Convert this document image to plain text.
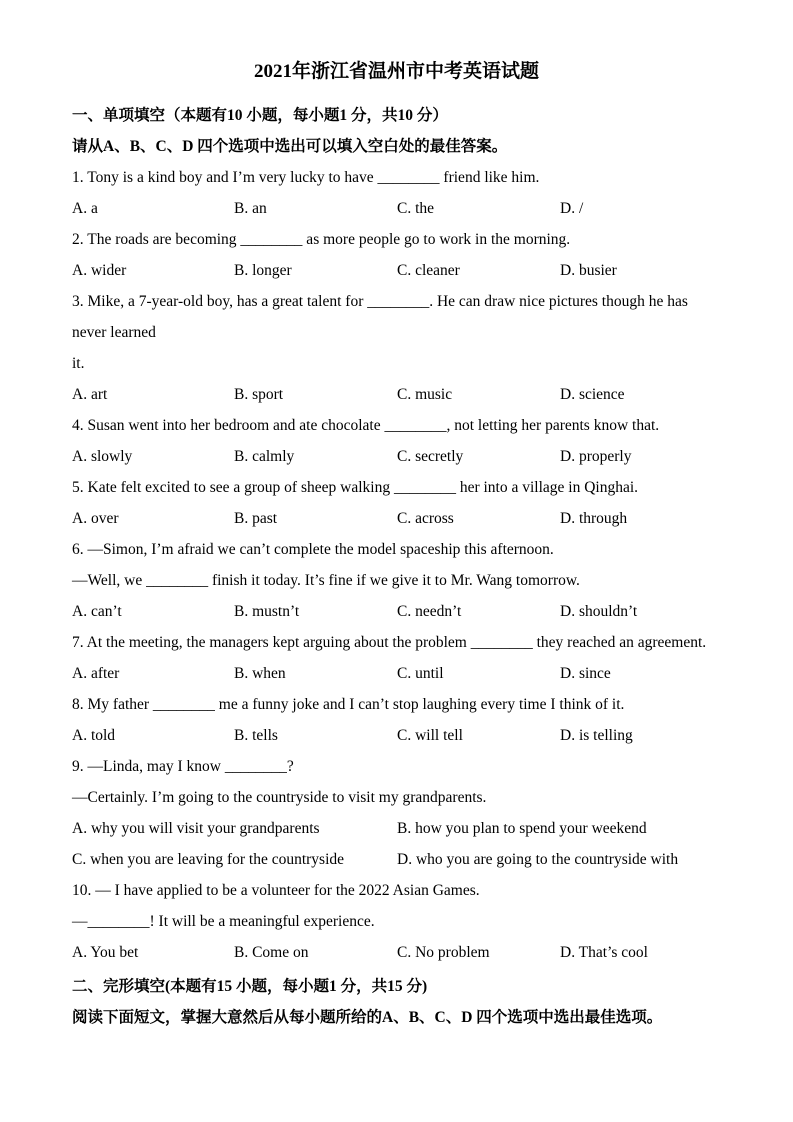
2021年浙江省温州市中考英语试题
一、单项填空（本题有10 小题，每小题1 分，共10 分）
请从A、B、C、D 四个选项中选出可以填入空白处的最佳答案。
1. Tony is a kind boy and I’m very lucky to have ________ friend like him.
A. a	B. an	C. the	D. /
2. The roads are becoming ________ as more people go to work in the morning.
A. wider	B. longer	C. cleaner	D. busier
3. Mike, a 7-year-old boy, has a great talent for ________. He can draw nice pictures though he has never learned
it.
A. art	B. sport	C. music	D. science
4. Susan went into her bedroom and ate chocolate ________, not letting her parents know that.
A. slowly	B. calmly	C. secretly	D. properly
5. Kate felt excited to see a group of sheep walking ________ her into a village in Qinghai.
A. over	B. past	C. across	D. through
6. —Simon, I’m afraid we can’t complete the model spaceship this afternoon.
—Well, we ________ finish it today. It’s fine if we give it to Mr. Wang tomorrow.
A. can’t	B. mustn’t	C. needn’t	D. shouldn’t
7. At the meeting, the managers kept arguing about the problem ________ they reached an agreement.
A. after	B. when	C. until	D. since
8. My father ________ me a funny joke and I can’t stop laughing every time I think of it.
A. told	B. tells	C. will tell	D. is telling
9. —Linda, may I know ________?
—Certainly. I’m going to the countryside to visit my grandparents.
A. why you will visit your grandparents	B. how you plan to spend your weekend
C. when you are leaving for the countryside	D. who you are going to the countryside with
10. — I have applied to be a volunteer for the 2022 Asian Games.
—________! It will be a meaningful experience.
A. You bet	B. Come on	C. No problem	D. That’s cool
二、完形填空(本题有15 小题，每小题1 分，共15 分)
阅读下面短文，掌握大意然后从每小题所给的A、B、C、D 四个选项中选出最佳选项。
